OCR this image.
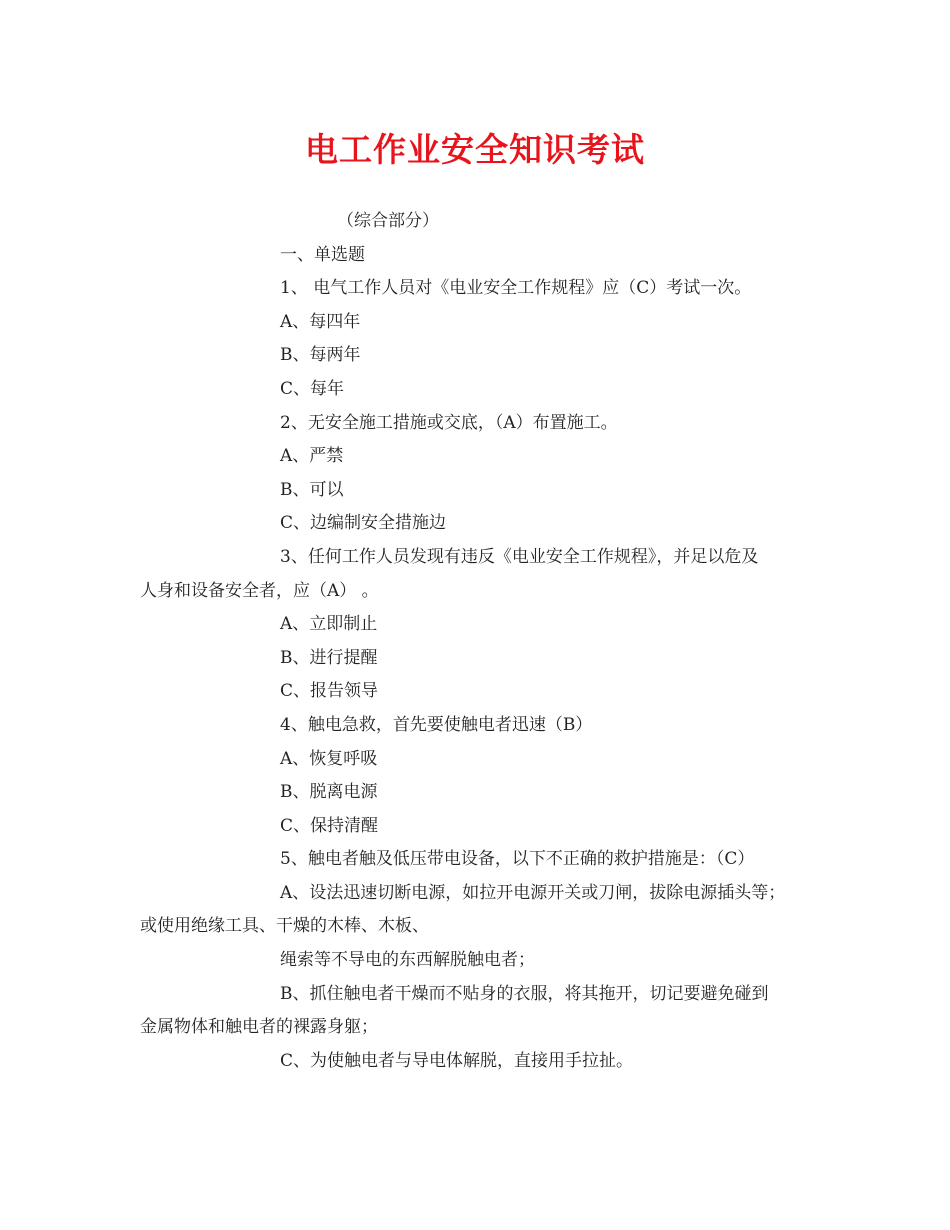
电工作业安全知识考试

（综合部分）

一、单选题

1、 电气工作人员对《电业安全工作规程》应（C）考试一次。

A、每四年

B、每两年

C、每年

2、无安全施工措施或交底，（A）布置施工。

A、严禁

B、可以

C、边编制安全措施边

3、任何工作人员发现有违反《电业安全工作规程》，并足以危及

人身和设备安全者，应（A） 。

A、立即制止

B、进行提醒

C、报告领导

4、触电急救，首先要使触电者迅速（B）

A、恢复呼吸

B、脱离电源

C、保持清醒

5、触电者触及低压带电设备，以下不正确的救护措施是：（C）

A、设法迅速切断电源，如拉开电源开关或刀闸，拔除电源插头等；

或使用绝缘工具、干燥的木棒、木板、

绳索等不导电的东西解脱触电者；

B、抓住触电者干燥而不贴身的衣服，将其拖开，切记要避免碰到

金属物体和触电者的裸露身躯；

C、为使触电者与导电体解脱，直接用手拉扯。
